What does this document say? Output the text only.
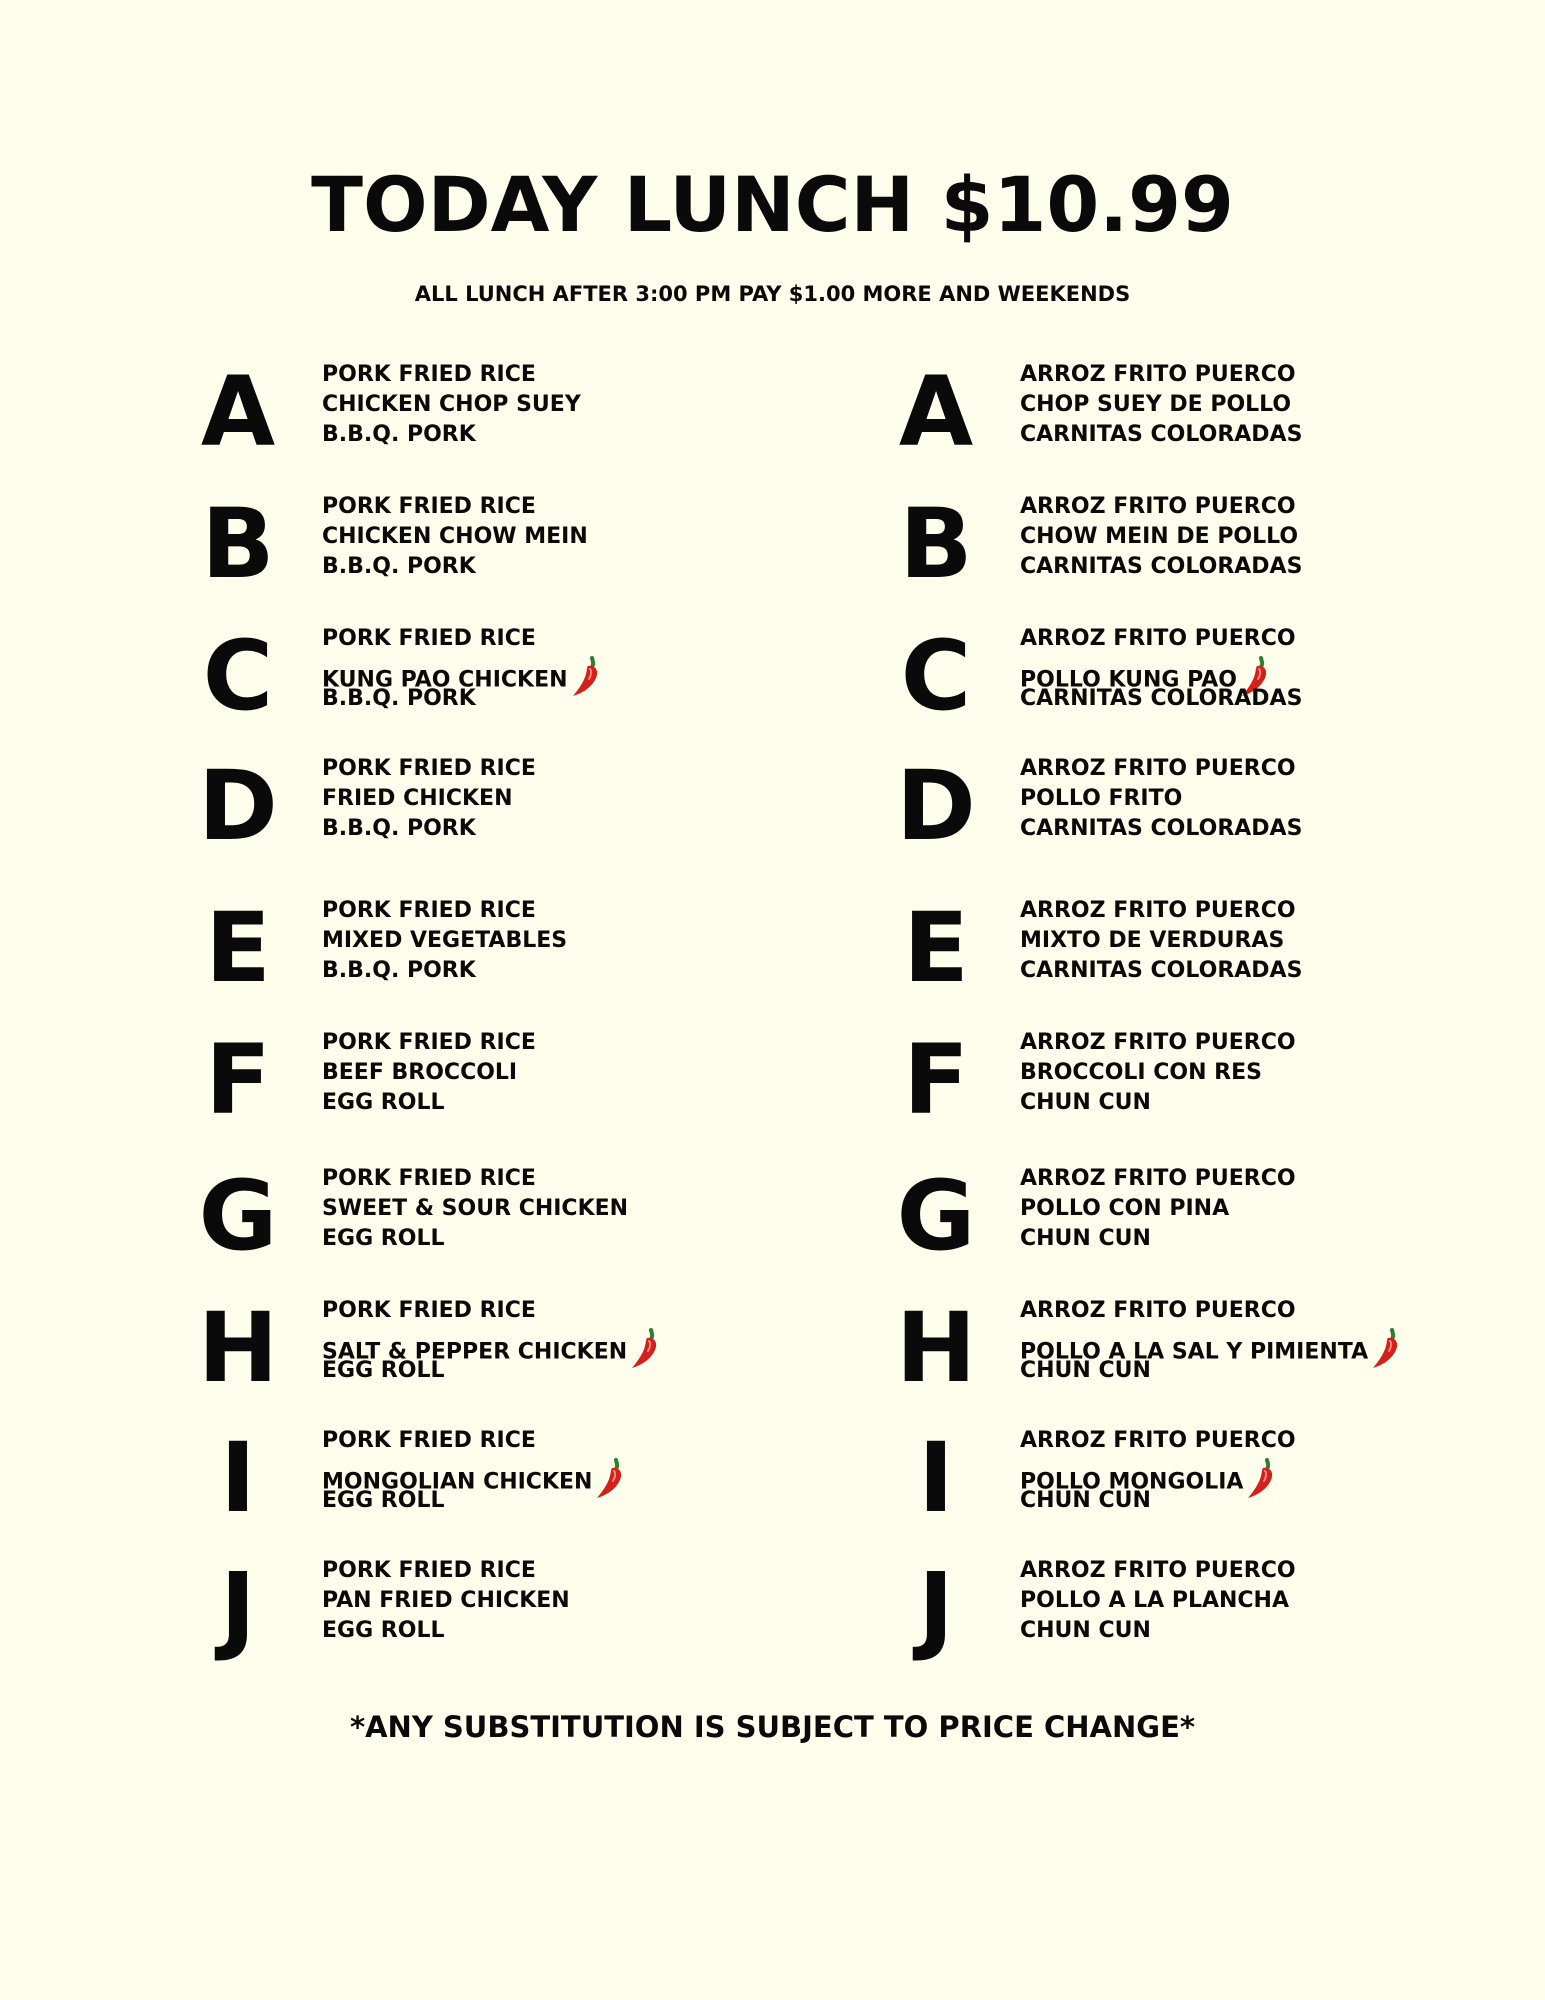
TODAY LUNCH $10.99
ALL LUNCH AFTER 3:00 PM PAY $1.00 MORE AND WEEKENDS
A PORK FRIED RICE
CHICKEN CHOP SUEY
B.B.Q. PORK
B PORK FRIED RICE
CHICKEN CHOW MEIN
B.B.Q. PORK
C	PORK FRIED RICE
KUNG PAO CHICKEN
B.B.Q. PORK
D PORK FRIED RICE
FRIED CHICKEN
B.B.Q. PORK
E	PORK FRIED RICE
MIXED VEGETABLES
B.B.Q. PORK
F	PORK FRIED RICE
BEEF BROCCOLI
EGG ROLL
G PORK FRIED RICE
SWEET & SOUR CHICKEN
EGG ROLL
H PORK FRIED RICE
SALT & PEPPER CHICKEN
EGG ROLL
I	PORK FRIED RICE
MONGOLIAN CHICKEN
EGG ROLL
J	PORK FRIED RICE
PAN FRIED CHICKEN
EGG ROLL
A ARROZ FRITO PUERCO
CHOP SUEY DE POLLO
CARNITAS COLORADAS
B ARROZ FRITO PUERCO
CHOW MEIN DE POLLO
CARNITAS COLORADAS
C	ARROZ FRITO PUERCO
POLLO KUNG PAO
CARNITAS COLORADAS
D ARROZ FRITO PUERCO
POLLO FRITO
CARNITAS COLORADAS
E	ARROZ FRITO PUERCO
MIXTO DE VERDURAS
CARNITAS COLORADAS
F	ARROZ FRITO PUERCO
BROCCOLI CON RES
CHUN CUN
G ARROZ FRITO PUERCO
POLLO CON PINA
CHUN CUN
H ARROZ FRITO PUERCO
POLLO A LA SAL Y PIMIENTA
CHUN CUN
I	ARROZ FRITO PUERCO
POLLO MONGOLIA
CHUN CUN
J	ARROZ FRITO PUERCO
POLLO A LA PLANCHA
CHUN CUN
*ANY SUBSTITUTION IS SUBJECT TO PRICE CHANGE*
